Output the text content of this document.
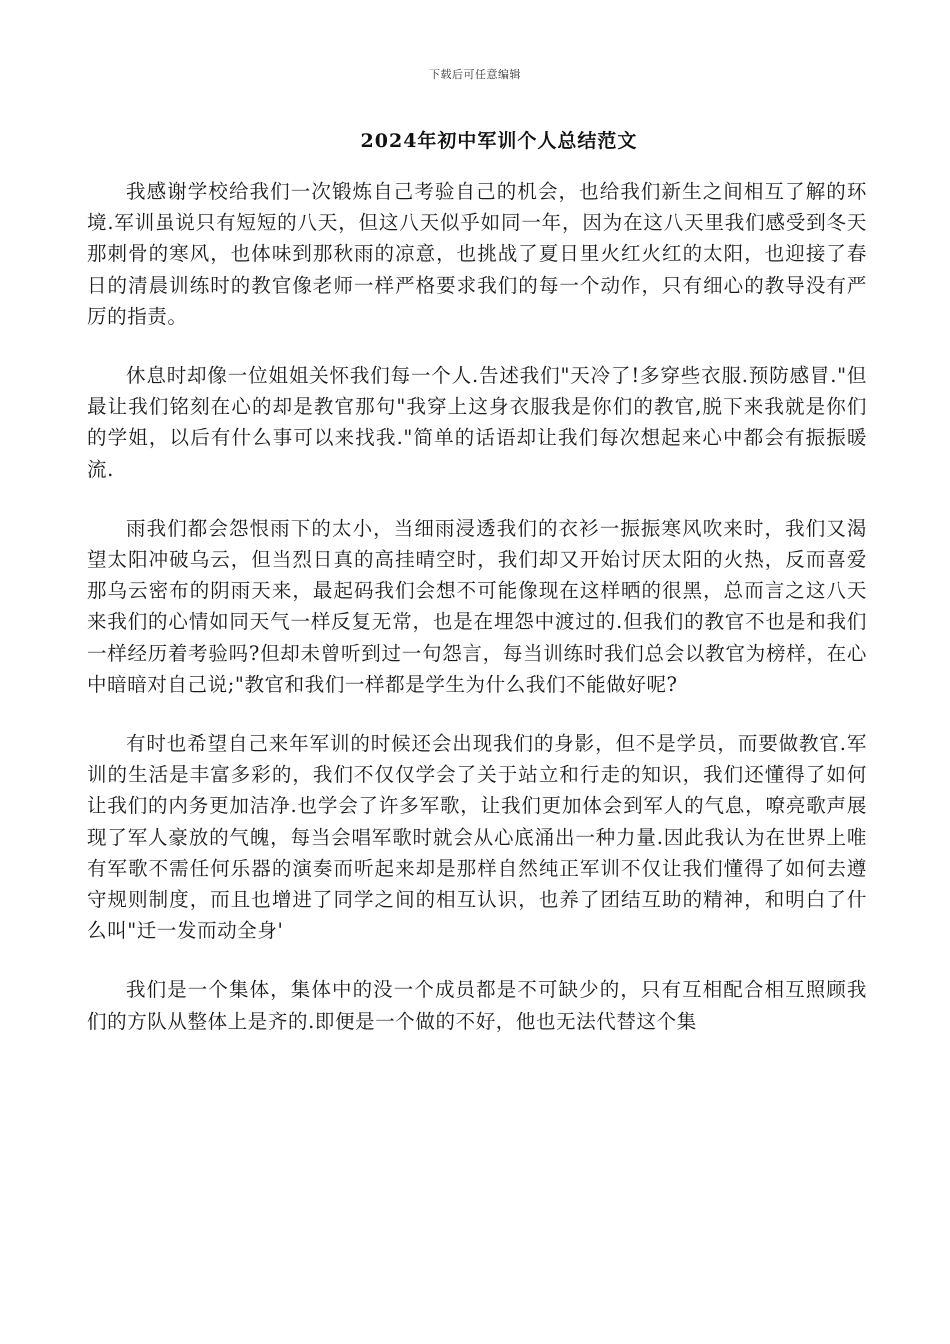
下载后可任意编辑
2024年初中军训个人总结范文

我感谢学校给我们一次锻炼自己考验自己的机会，也给我们新生之间相互了解的环境.军训虽说只有短短的八天，但这八天似乎如同一年，因为在这八天里我们感受到冬天那刺骨的寒风，也体味到那秋雨的凉意，也挑战了夏日里火红火红的太阳，也迎接了春日的清晨训练时的教官像老师一样严格要求我们的每一个动作，只有细心的教导没有严厉的指责。

休息时却像一位姐姐关怀我们每一个人.告述我们"天冷了!多穿些衣服.预防感冒."但最让我们铭刻在心的却是教官那句"我穿上这身衣服我是你们的教官,脱下来我就是你们的学姐，以后有什么事可以来找我."简单的话语却让我们每次想起来心中都会有振振暖流.

雨我们都会怨恨雨下的太小，当细雨浸透我们的衣衫一振振寒风吹来时，我们又渴望太阳冲破乌云，但当烈日真的高挂晴空时，我们却又开始讨厌太阳的火热，反而喜爱那乌云密布的阴雨天来，最起码我们会想不可能像现在这样晒的很黑，总而言之这八天来我们的心情如同天气一样反复无常，也是在埋怨中渡过的.但我们的教官不也是和我们一样经历着考验吗?但却未曾听到过一句怨言，每当训练时我们总会以教官为榜样，在心中暗暗对自己说;"教官和我们一样都是学生为什么我们不能做好呢?

有时也希望自己来年军训的时候还会出现我们的身影，但不是学员，而要做教官.军训的生活是丰富多彩的，我们不仅仅学会了关于站立和行走的知识，我们还懂得了如何让我们的内务更加洁净.也学会了许多军歌，让我们更加体会到军人的气息，嘹亮歌声展现了军人豪放的气魄，每当会唱军歌时就会从心底涌出一种力量.因此我认为在世界上唯有军歌不需任何乐器的演奏而听起来却是那样自然纯正军训不仅让我们懂得了如何去遵守规则制度，而且也增进了同学之间的相互认识，也养了团结互助的精神，和明白了什么叫"迁一发而动全身'

我们是一个集体，集体中的没一个成员都是不可缺少的，只有互相配合相互照顾我们的方队从整体上是齐的.即便是一个做的不好，他也无法代替这个集
